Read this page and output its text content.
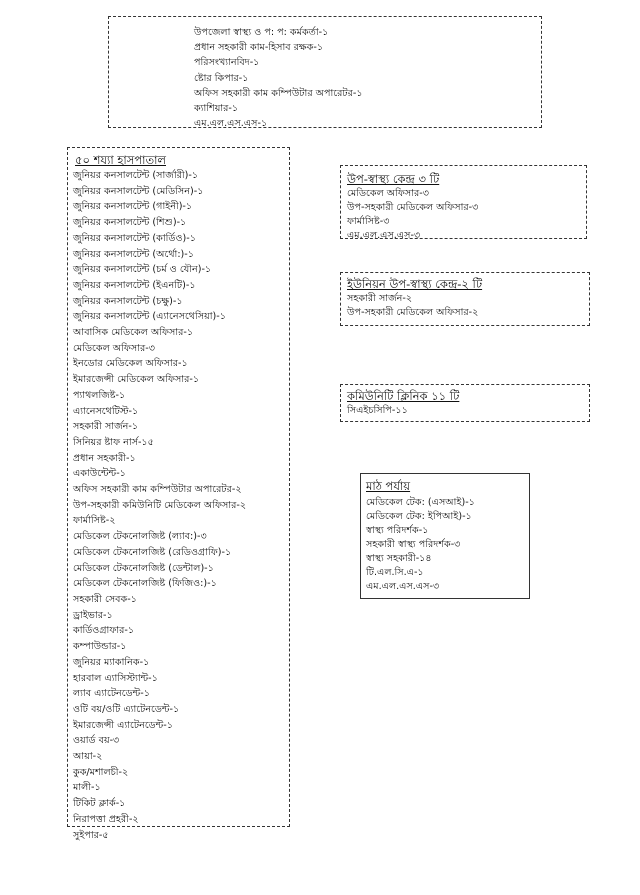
উপজেলা স্বাস্থ্য ও প: প: কর্মকর্তা-১
প্রধান সহকারী কাম-হিসাব রক্ষক-১
পরিসংখ্যানবিদ-১
ষ্টোর কিপার-১
অফিস সহকারী কাম কম্পিউটার অপারেটর-১
ক্যাশিয়ার-১
এম.এল.এস.এস-১
৫০ শয্যা হাসপাতাল
জুনিয়র কনসালটেন্ট (সার্জারী)-১
জুনিয়র কনসালটেন্ট (মেডিসিন)-১
জুনিয়র কনসালটেন্ট (গাইনী)-১
জুনিয়র কনসালটেন্ট (শিশু)-১
জুনিয়র কনসালটেন্ট (কার্ডিও)-১
জুনিয়র কনসালটেন্ট (অর্থো:)-১
জুনিয়র কনসালটেন্ট (চর্ম ও যৌন)-১
জুনিয়র কনসালটেন্ট (ইএনটি)-১
জুনিয়র কনসালটেন্ট (চক্ষু)-১
জুনিয়র কনসালটেন্ট (এ্যানেসথেসিয়া)-১
আবাসিক মেডিকেল অফিসার-১
মেডিকেল অফিসার-৩
ইনডোর মেডিকেল অফিসার-১
ইমারজেন্সী মেডিকেল অফিসার-১
প্যাথলজিষ্ট-১
এ্যানেসথেটিস্ট-১
সহকারী সার্জন-১
সিনিয়র ষ্টাফ নার্স-১৫
প্রধান সহকারী-১
একাউন্টেন্ট-১
অফিস সহকারী কাম কম্পিউটার অপারেটর-২
উপ-সহকারী কমিউনিটি মেডিকেল অফিসার-২
ফার্মাসিষ্ট-২
মেডিকেল টেকনোলজিষ্ট (ল্যাব:)-৩
মেডিকেল টেকনোলজিষ্ট (রেডিওগ্রাফি)-১
মেডিকেল টেকনোলজিষ্ট (ডেন্টাল)-১
মেডিকেল টেকনোলজিষ্ট (ফিজিও:)-১
সহকারী সেবক-১
ড্রাইভার-১
কার্ডিওগ্রাফার-১
কম্পাউন্ডার-১
জুনিয়র ম্যাকানিক-১
হারবাল এ্যাসিস্ট্যান্ট-১
ল্যাব এ্যাটেনডেন্ট-১
ওটি বয়/ওটি এ্যাটেনডেন্ট-১
ইমারজেন্সী এ্যাটেনডেন্ট-১
ওয়ার্ড বয়-৩
আয়া-২
কুক/মশালচী-২
মালী-১
টিকিট ক্লার্ক-১
নিরাপত্তা প্রহরী-২
সুইপার-৫
উপ-স্বাস্থ্য কেন্দ্র ৩ টি
মেডিকেল অফিসার-৩
উপ-সহকারী মেডিকেল অফিসার-৩
ফার্মাসিষ্ট-৩
এম.এল.এস.এস-৩
ইউনিয়ন উপ-স্বাস্থ্য কেন্দ্র-২ টি
সহকারী সার্জন-২
উপ-সহকারী মেডিকেল অফিসার-২
কমিউনিটি ক্লিনিক ১১ টি
সিএইচসিপি-১১
মাঠ পর্যায়
মেডিকেল টেক: (এসআই)-১
মেডিকেল টেক: ইপিআই)-১
স্বাস্থ্য পরিদর্শক-১
সহকারী স্বাস্থ্য পরিদর্শক-৩
স্বাস্থ্য সহকারী-১৪
টি.এল.সি.এ-১
এম.এল.এস.এস-৩
